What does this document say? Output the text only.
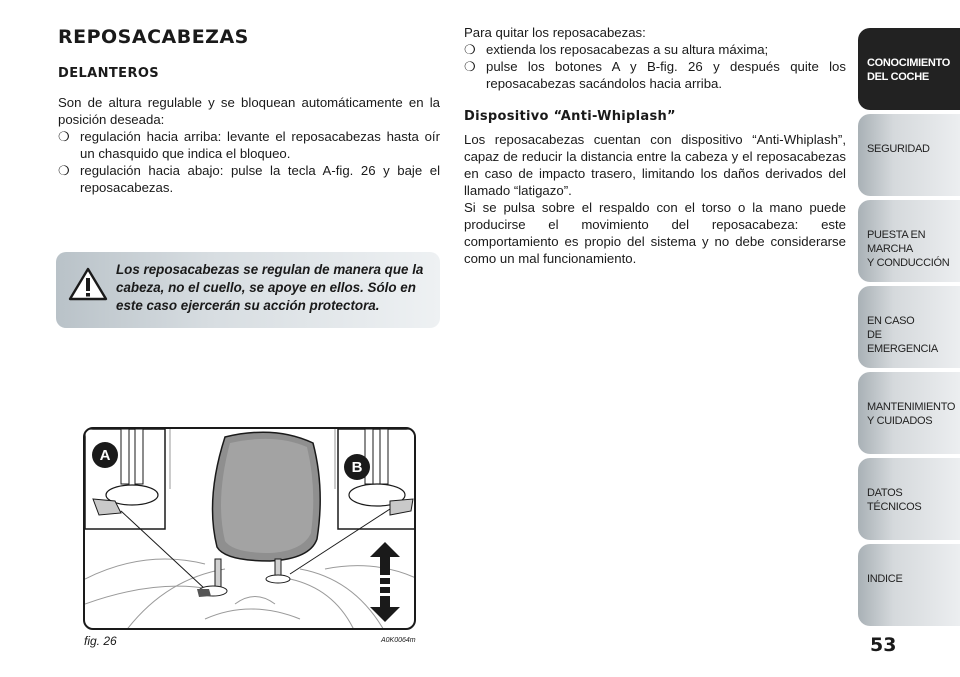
REPOSACABEZAS
DELANTEROS

Son de altura regulable y se bloquean automáticamente en la posición deseada:

❍ regulación hacia arriba: levante el reposacabezas hasta oír un chasquido que indica el bloqueo.
❍ regulación hacia abajo: pulse la tecla A-fig. 26 y baje el reposacabezas.
Los reposacabezas se regulan de manera que la cabeza, no el cuello, se apoye en ellos. Sólo en este caso ejercerán su acción protectora.
A
B
fig. 26	A0K0064m

Para quitar los reposacabezas:

❍ extienda los reposacabezas a su altura máxima;
❍ pulse los botones A y B-fig. 26 y después quite los reposacabezas sacándolos hacia arriba.
Dispositivo “Anti-Whiplash”

Los reposacabezas cuentan con dispositivo “Anti-Whiplash”, capaz de reducir la distancia entre la cabeza y el reposacabezas en caso de impacto trasero, limitando los daños derivados del llamado “latigazo”.

Si se pulsa sobre el respaldo con el torso o la mano puede producirse el movimiento del reposacabeza: este comportamiento es propio del sistema y no debe considerarse como un mal funcionamiento.

CONOCIMIENTO
DEL COCHE
SEGURIDAD
PUESTA EN MARCHA
Y CONDUCCIÓN
EN CASO
DE EMERGENCIA
MANTENIMIENTO
Y CUIDADOS
DATOS TÉCNICOS
INDICE
53
